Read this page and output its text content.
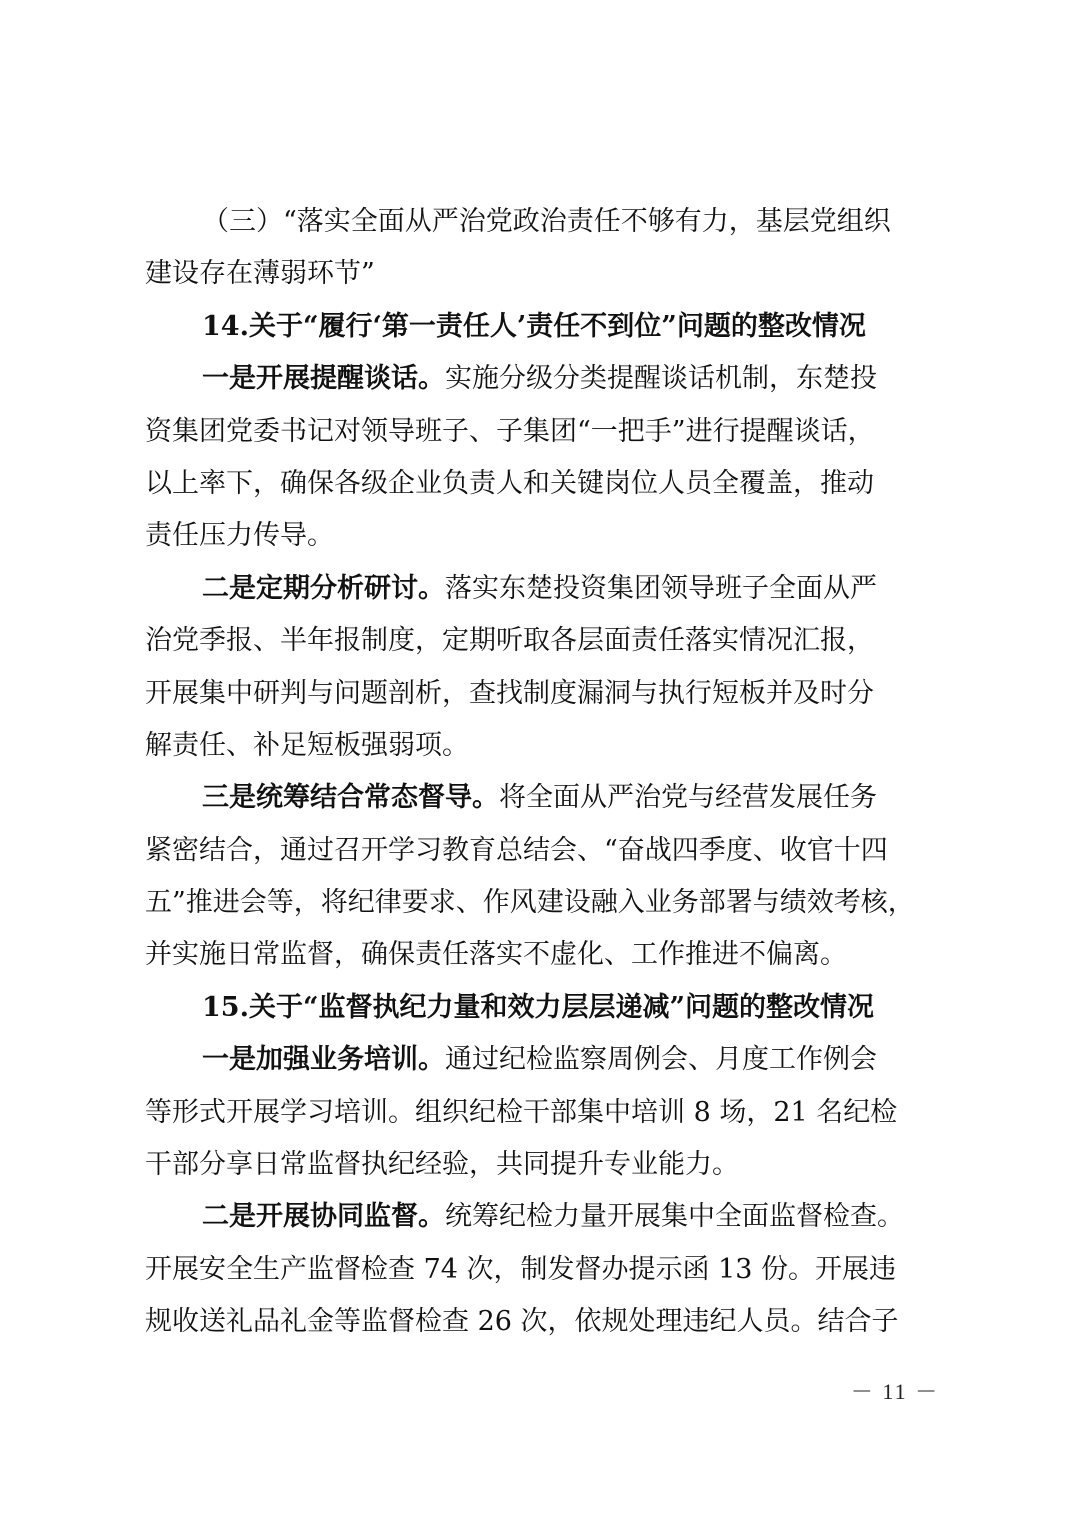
（三）“落实全面从严治党政治责任不够有力，基层党组织
建设存在薄弱环节”
14.关于“履行‘第一责任人’责任不到位”问题的整改情况
一是开展提醒谈话。实施分级分类提醒谈话机制，东楚投
资集团党委书记对领导班子、子集团“一把手”进行提醒谈话，
以上率下，确保各级企业负责人和关键岗位人员全覆盖，推动
责任压力传导。
二是定期分析研讨。落实东楚投资集团领导班子全面从严
治党季报、半年报制度，定期听取各层面责任落实情况汇报，
开展集中研判与问题剖析，查找制度漏洞与执行短板并及时分
解责任、补足短板强弱项。
三是统筹结合常态督导。将全面从严治党与经营发展任务
紧密结合，通过召开学习教育总结会、“奋战四季度、收官十四
五”推进会等，将纪律要求、作风建设融入业务部署与绩效考核，
并实施日常监督，确保责任落实不虚化、工作推进不偏离。
15.关于“监督执纪力量和效力层层递减”问题的整改情况
一是加强业务培训。通过纪检监察周例会、月度工作例会
等形式开展学习培训。组织纪检干部集中培训 8 场，21 名纪检
干部分享日常监督执纪经验，共同提升专业能力。
二是开展协同监督。统筹纪检力量开展集中全面监督检查。
开展安全生产监督检查 74 次，制发督办提示函 13 份。开展违
规收送礼品礼金等监督检查 26 次，依规处理违纪人员。结合子
－ 11 －
